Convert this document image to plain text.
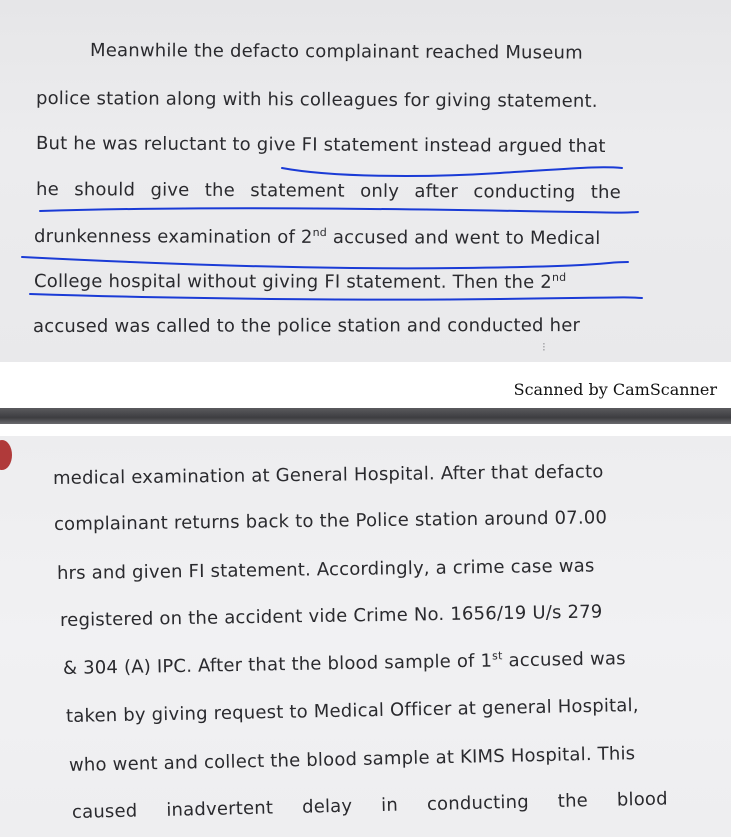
Meanwhile the defacto complainant reached Museum
police station along with his colleagues for giving statement.
But he was reluctant to give FI statement instead argued that
he should give the statement only after conducting the
drunkenness examination of 2nd accused and went to Medical
College hospital without giving FI statement. Then the 2nd
accused was called to the police station and conducted her
⁝
Scanned by CamScanner
medical examination at General Hospital. After that defacto
complainant returns back to the Police station around 07.00
hrs and given FI statement. Accordingly, a crime case was
registered on the accident vide Crime No. 1656/19 U/s 279
& 304 (A) IPC. After that the blood sample of 1st accused was
taken by giving request to Medical Officer at general Hospital,
who went and collect the blood sample at KIMS Hospital. This
caused inadvertent delay in conducting the blood
